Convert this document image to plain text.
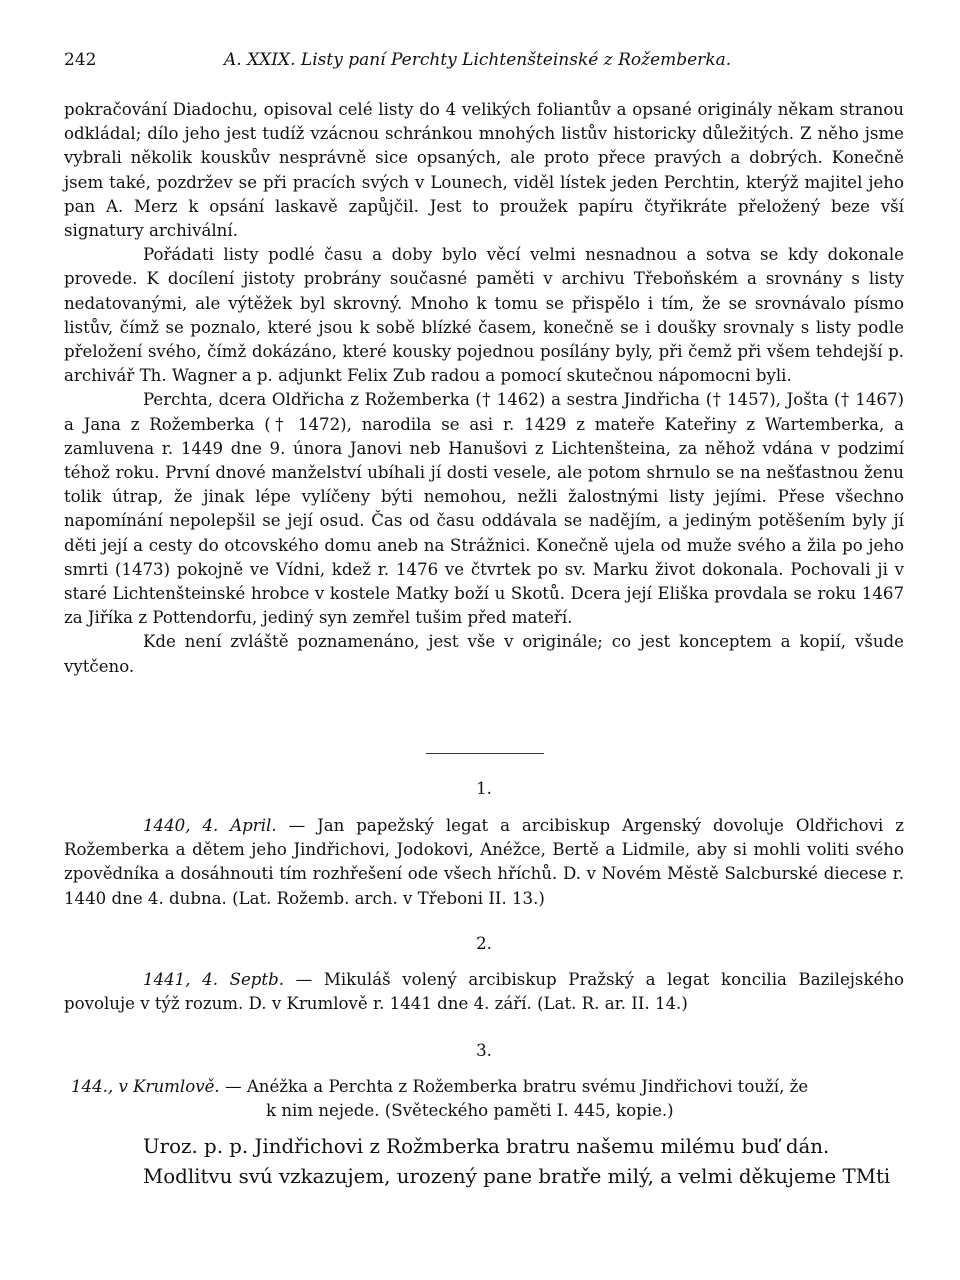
242	A. XXIX. Listy paní Perchty Lichtenšteinské z Rožemberka.

pokračování Diadochu, opisoval celé listy do 4 velikých foliantův a opsané originály někam stranou odkládal; dílo jeho jest tudíž vzácnou schránkou mnohých listův historicky důležitých. Z něho jsme vybrali několik kouskův nesprávně sice opsaných, ale proto přece pravých a dobrých. Konečně jsem také, pozdržev se při pracích svých v Lounech, viděl lístek jeden Perchtin, kterýž majitel jeho pan A. Merz k opsání laskavě zapůjčil. Jest to proužek papíru čtyřikráte přeložený beze vší signatury archivální.

Pořádati listy podlé času a doby bylo věcí velmi nesnadnou a sotva se kdy dokonale provede. K docílení jistoty probrány současné paměti v archivu Třeboňském a srovnány s listy nedatovanými, ale výtěžek byl skrovný. Mnoho k tomu se přispělo i tím, že se srovnávalo písmo listův, čímž se poznalo, které jsou k sobě blízké časem, konečně se i doušky srovnaly s listy podle přeložení svého, čímž dokázáno, které kousky pojednou posílány byly, při čemž při všem tehdejší p. archivář Th. Wagner a p. adjunkt Felix Zub radou a pomocí skutečnou nápomocni byli.

Perchta, dcera Oldřicha z Rožemberka († 1462) a sestra Jindřicha († 1457), Jošta († 1467) a Jana z Rožemberka († 1472), narodila se asi r. 1429 z mateře Kateřiny z Wartemberka, a zamluvena r. 1449 dne 9. února Janovi neb Hanušovi z Lichtenšteina, za něhož vdána v podzimí téhož roku. První dnové manželství ubíhali jí dosti vesele, ale potom shrnulo se na nešťastnou ženu tolik útrap, že jinak lépe vylíčeny býti nemohou, nežli žalostnými listy jejími. Přese všechno napomínání nepolepšil se její osud. Čas od času oddávala se nadějím, a jediným potěšením byly jí děti její a cesty do otcovského domu aneb na Strážnici. Konečně ujela od muže svého a žila po jeho smrti (1473) pokojně ve Vídni, kdež r. 1476 ve čtvrtek po sv. Marku život dokonala. Pochovali ji v staré Lichtenšteinské hrobce v kostele Matky boží u Skotů. Dcera její Eliška provdala se roku 1467 za Jiříka z Pottendorfu, jediný syn zemřel tušim před mateří.

Kde není zvláště poznamenáno, jest vše v originále; co jest konceptem a kopií, všude vytčeno.

1.

1440, 4. April. — Jan papežský legat a arcibiskup Argenský dovoluje Oldřichovi z Rožemberka a dětem jeho Jindřichovi, Jodokovi, Anéžce, Bertě a Lidmile, aby si mohli voliti svého zpovědníka a dosáhnouti tím rozhřešení ode všech hříchů. D. v Novém Městě Salcburské diecese r. 1440 dne 4. dubna. (Lat. Rožemb. arch. v Třeboni II. 13.)

2.

1441, 4. Septb. — Mikuláš volený arcibiskup Pražský a legat koncilia Bazilejského povoluje v týž rozum. D. v Krumlově r. 1441 dne 4. září. (Lat. R. ar. II. 14.)

3.
144., v Krumlově. — Anéžka a Perchta z Rožemberka bratru svému Jindřichovi touží, že
k nim nejede. (Světeckého paměti I. 445, kopie.)

Uroz. p. p. Jindřichovi z Rožmberka bratru našemu milému buď dán.

Modlitvu svú vzkazujem, urozený pane bratře milý, a velmi děkujeme TMti
